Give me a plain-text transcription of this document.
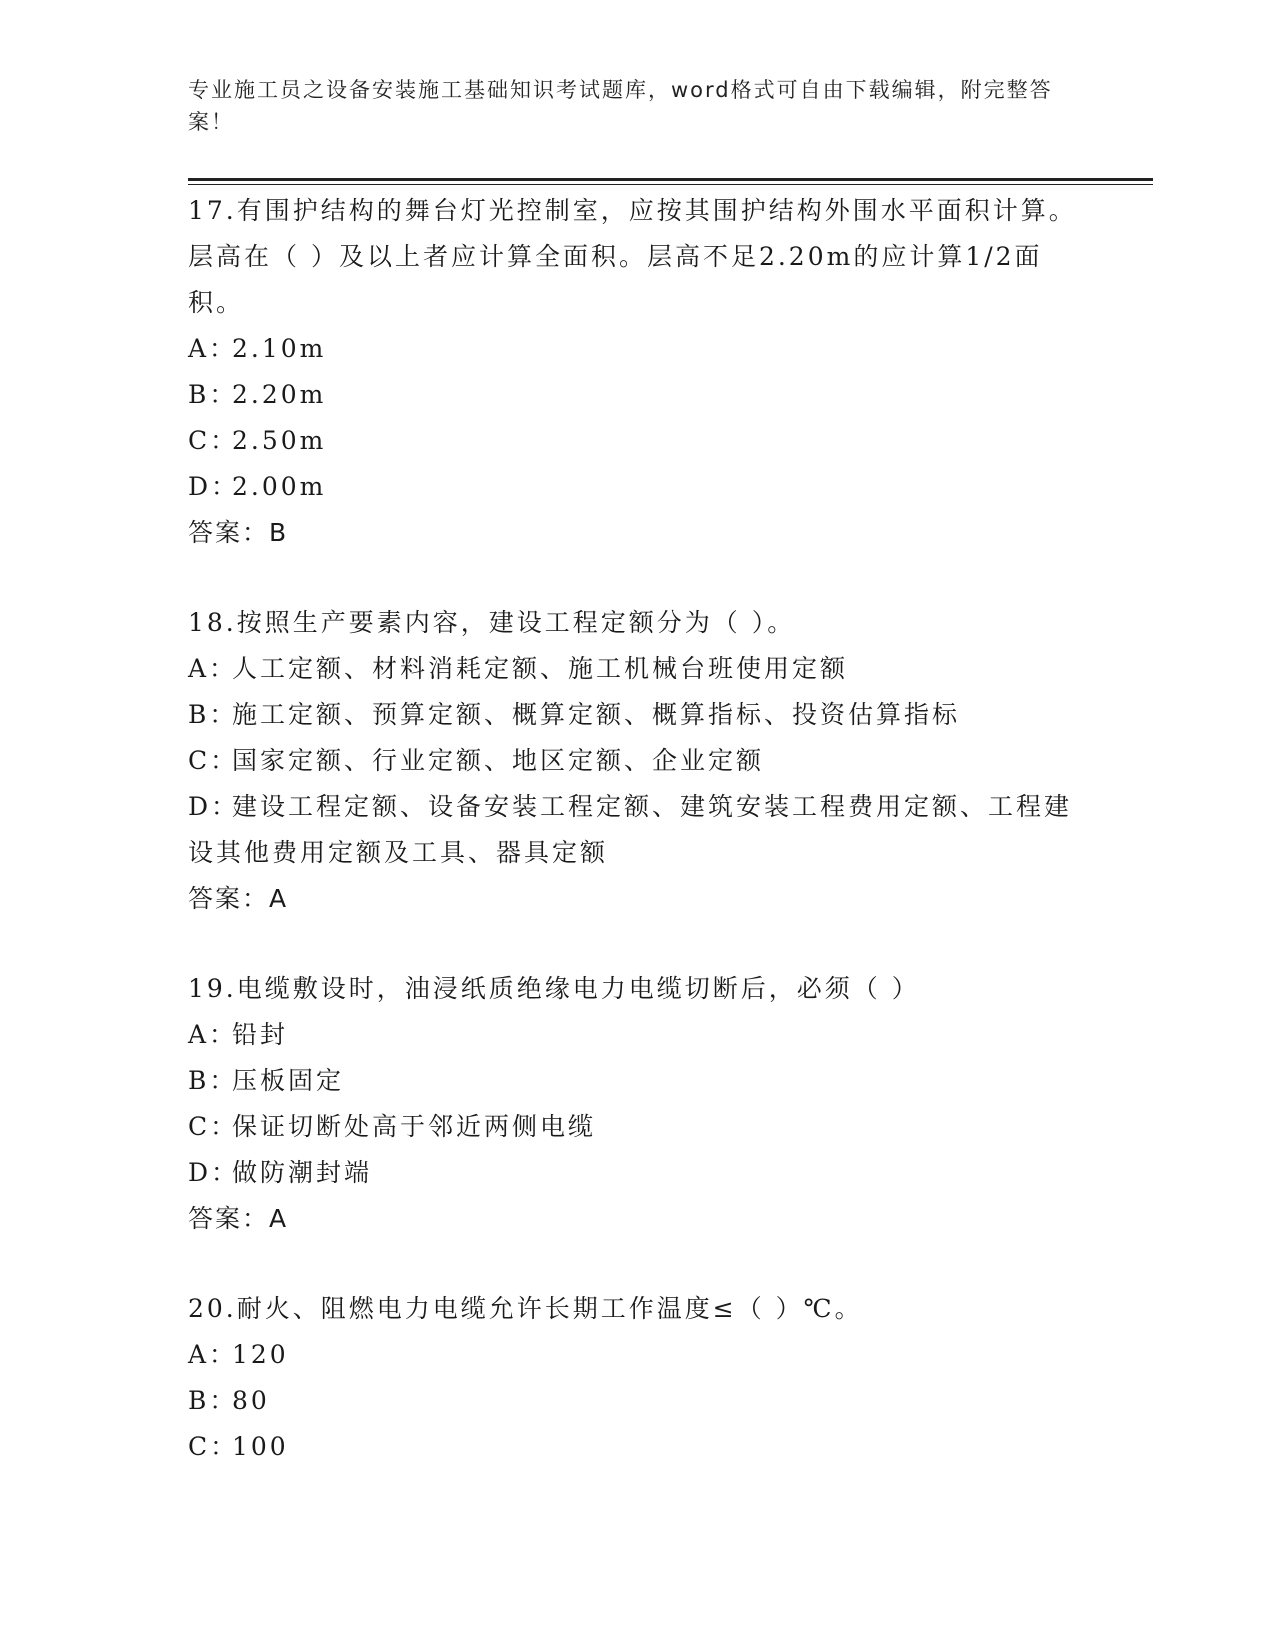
专业施工员之设备安装施工基础知识考试题库，word格式可自由下载编辑，附完整答案！

17.有围护结构的舞台灯光控制室，应按其围护结构外围水平面积计算。层高在（ ）及以上者应计算全面积。层高不足2.20m的应计算1/2面积。

A：2.10m

B：2.20m

C：2.50m

D：2.00m

答案：B

18.按照生产要素内容，建设工程定额分为（ ）。

A：人工定额、材料消耗定额、施工机械台班使用定额

B：施工定额、预算定额、概算定额、概算指标、投资估算指标

C：国家定额、行业定额、地区定额、企业定额

D：建设工程定额、设备安装工程定额、建筑安装工程费用定额、工程建设其他费用定额及工具、器具定额

答案：A

19.电缆敷设时，油浸纸质绝缘电力电缆切断后，必须（ ）

A：铅封

B：压板固定

C：保证切断处高于邻近两侧电缆

D：做防潮封端

答案：A

20.耐火、阻燃电力电缆允许长期工作温度≤（ ）℃。

A：120

B：80

C：100
